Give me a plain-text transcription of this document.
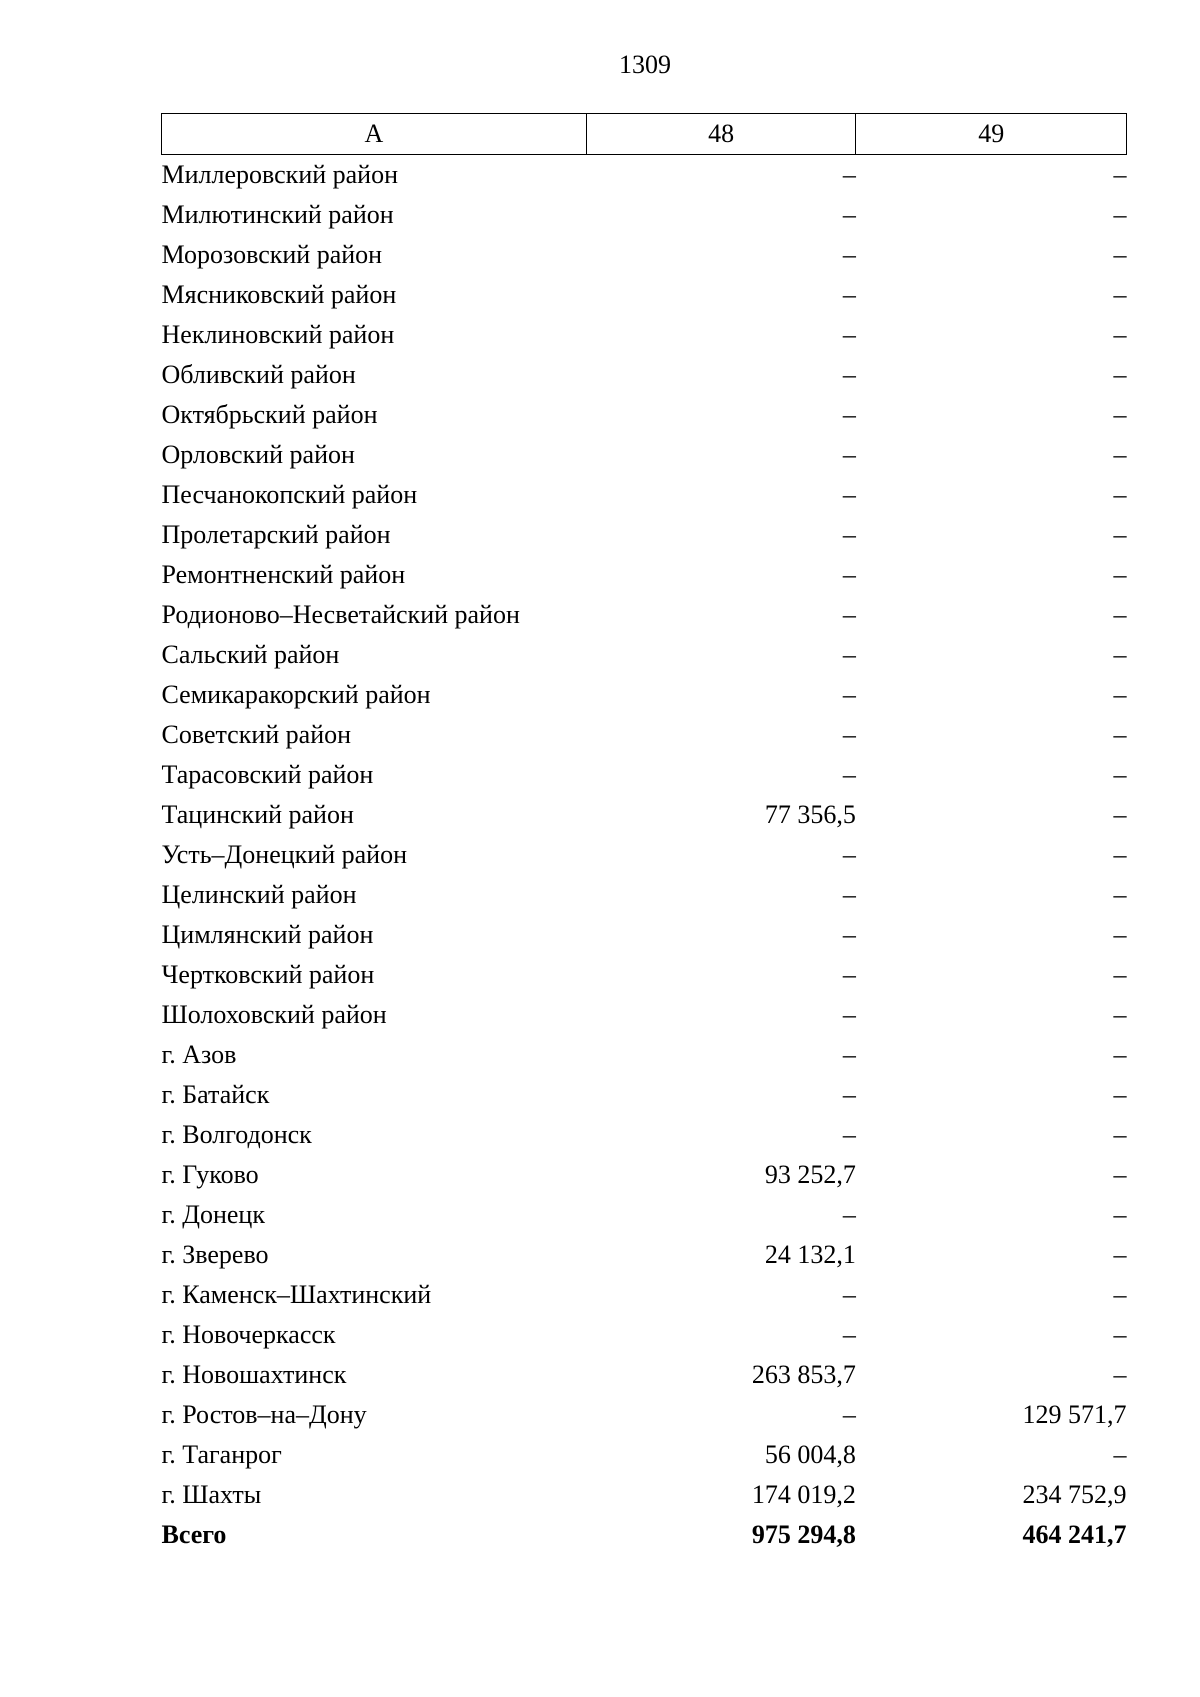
1309
А	48	49
Миллеровский район	–	–
Милютинский район	–	–
Морозовский район	–	–
Мясниковский район	–	–
Неклиновский район	–	–
Обливский район	–	–
Октябрьский район	–	–
Орловский район	–	–
Песчанокопский район	–	–
Пролетарский район	–	–
Ремонтненский район	–	–
Родионово–Несветайский район	–	–
Сальский район	–	–
Семикаракорский район	–	–
Советский район	–	–
Тарасовский район	–	–
Тацинский район	77 356,5	–
Усть–Донецкий район	–	–
Целинский район	–	–
Цимлянский район	–	–
Чертковский район	–	–
Шолоховский район	–	–
г. Азов	–	–
г. Батайск	–	–
г. Волгодонск	–	–
г. Гуково	93 252,7	–
г. Донецк	–	–
г. Зверево	24 132,1	–
г. Каменск–Шахтинский	–	–
г. Новочеркасск	–	–
г. Новошахтинск	263 853,7	–
г. Ростов–на–Дону	–	129 571,7
г. Таганрог	56 004,8	–
г. Шахты	174 019,2	234 752,9
Всего	975 294,8	464 241,7
